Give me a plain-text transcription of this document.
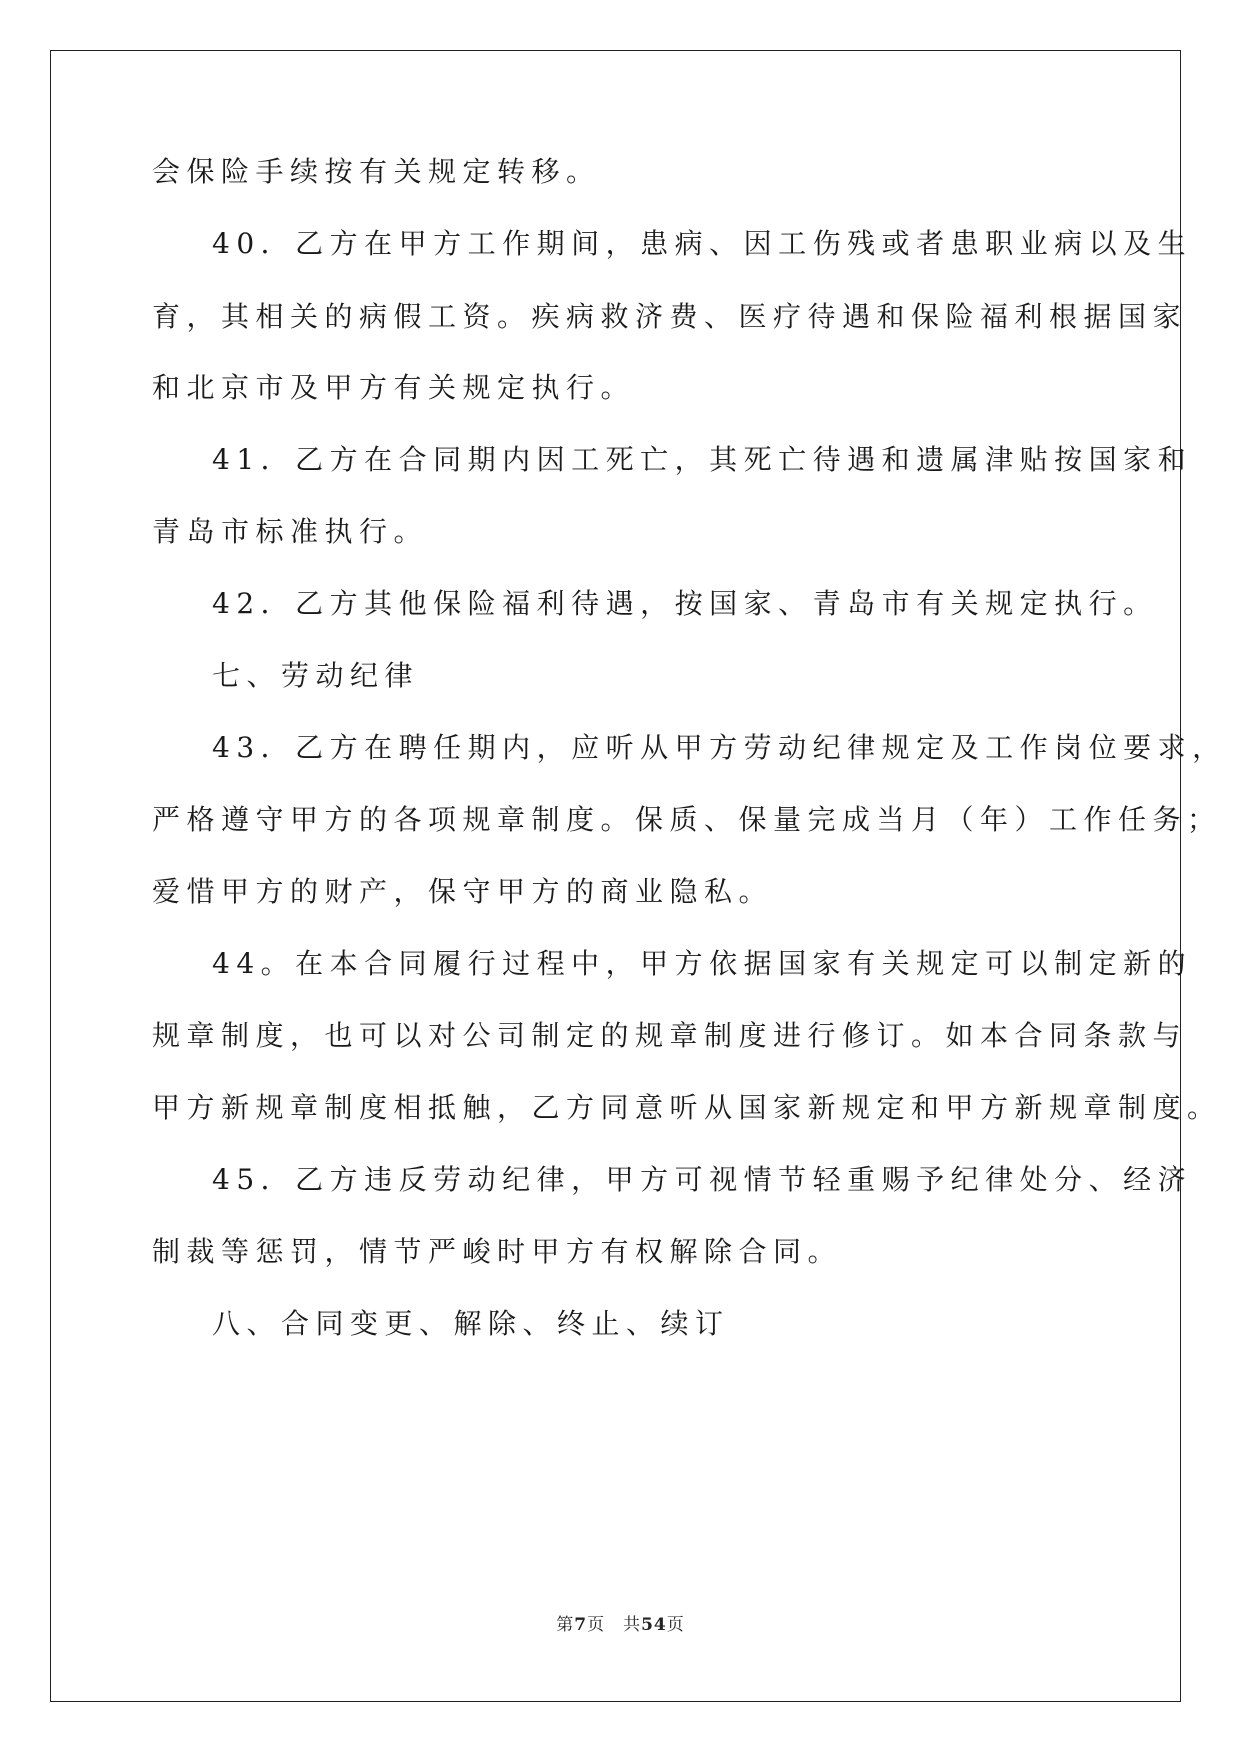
会保险手续按有关规定转移。
40．乙方在甲方工作期间，患病、因工伤残或者患职业病以及生
育，其相关的病假工资。疾病救济费、医疗待遇和保险福利根据国家
和北京市及甲方有关规定执行。
41．乙方在合同期内因工死亡，其死亡待遇和遗属津贴按国家和
青岛市标准执行。
42．乙方其他保险福利待遇，按国家、青岛市有关规定执行。
七、劳动纪律
43．乙方在聘任期内，应听从甲方劳动纪律规定及工作岗位要求，
严格遵守甲方的各项规章制度。保质、保量完成当月（年）工作任务；
爱惜甲方的财产，保守甲方的商业隐私。
44。在本合同履行过程中，甲方依据国家有关规定可以制定新的
规章制度，也可以对公司制定的规章制度进行修订。如本合同条款与
甲方新规章制度相抵触，乙方同意听从国家新规定和甲方新规章制度。
45．乙方违反劳动纪律，甲方可视情节轻重赐予纪律处分、经济
制裁等惩罚，情节严峻时甲方有权解除合同。
八、合同变更、解除、终止、续订
第7页 共54页
